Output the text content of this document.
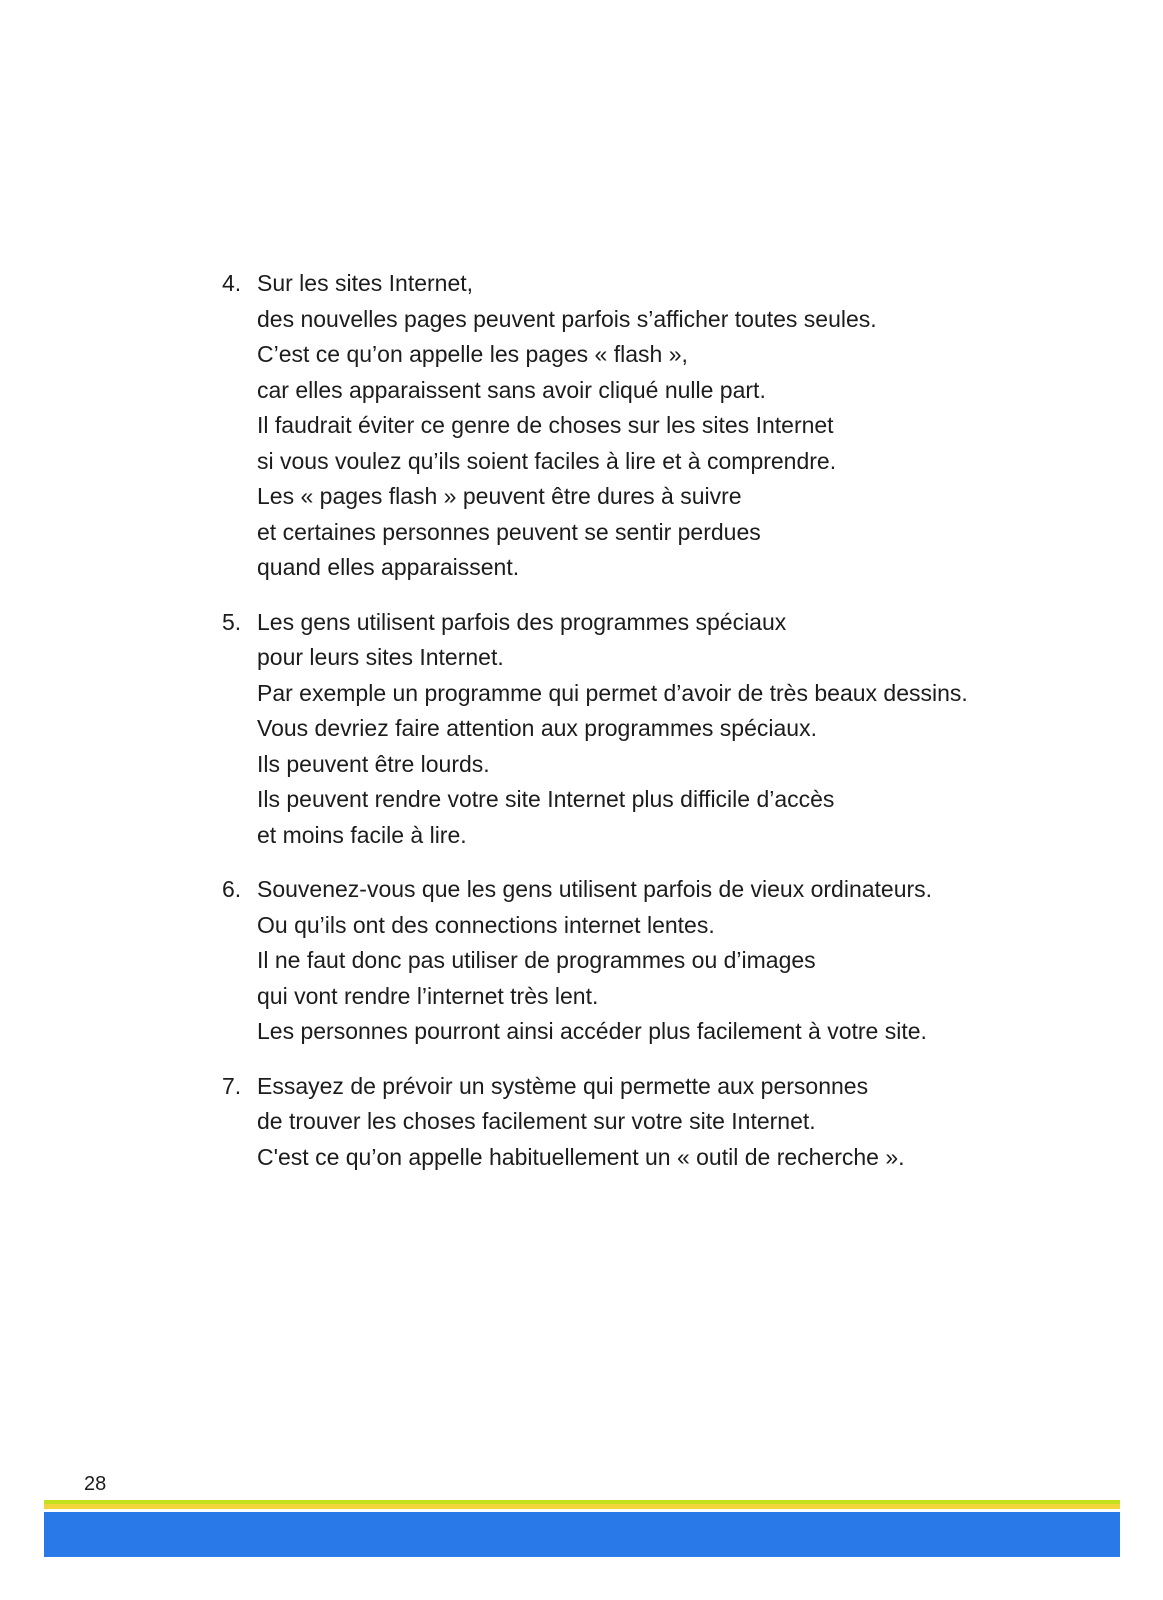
4. Sur les sites Internet,
des nouvelles pages peuvent parfois s’afficher toutes seules.
C’est ce qu’on appelle les pages « flash »,
car elles apparaissent sans avoir cliqué nulle part.
Il faudrait éviter ce genre de choses sur les sites Internet
si vous voulez qu’ils soient faciles à lire et à comprendre.
Les « pages flash » peuvent être dures à suivre
et certaines personnes peuvent se sentir perdues
quand elles apparaissent.
5. Les gens utilisent parfois des programmes spéciaux
pour leurs sites Internet.
Par exemple un programme qui permet d’avoir de très beaux dessins.
Vous devriez faire attention aux programmes spéciaux.
Ils peuvent être lourds.
Ils peuvent rendre votre site Internet plus difficile d’accès
et moins facile à lire.
6. Souvenez-vous que les gens utilisent parfois de vieux ordinateurs.
Ou qu’ils ont des connections internet lentes.
Il ne faut donc pas utiliser de programmes ou d’images
qui vont rendre l’internet très lent.
Les personnes pourront ainsi accéder plus facilement à votre site.
7. Essayez de prévoir un système qui permette aux personnes
de trouver les choses facilement sur votre site Internet.
C'est ce qu’on appelle habituellement un « outil de recherche ».
28
